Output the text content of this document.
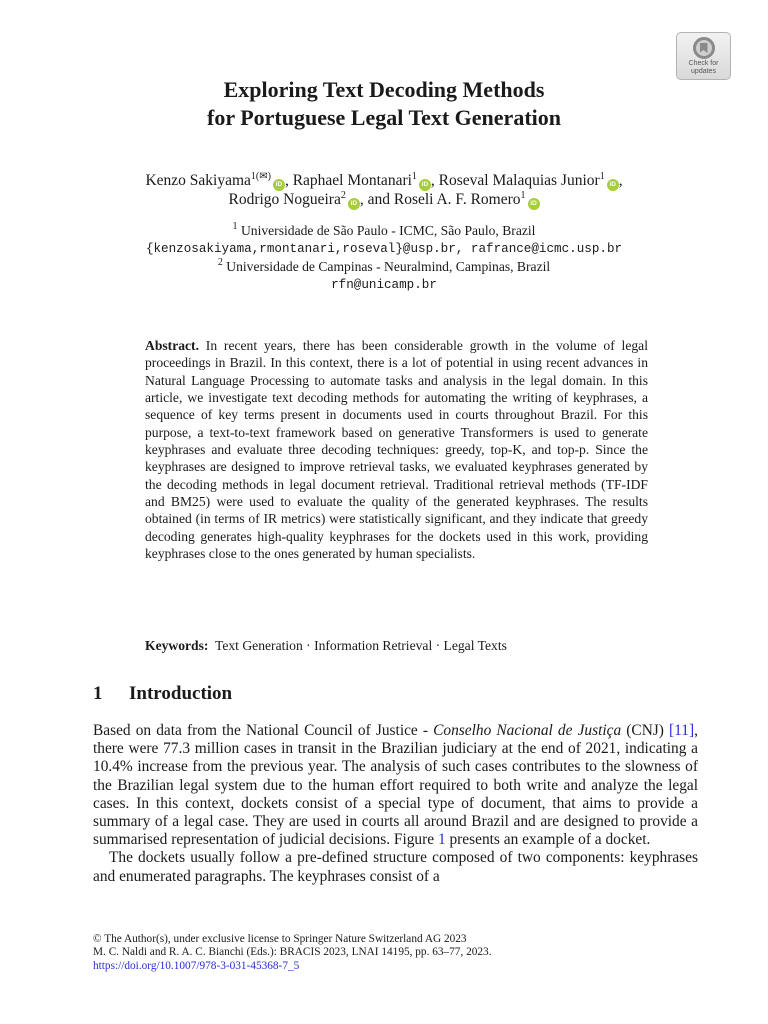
Check for
updates
Exploring Text Decoding Methods
for Portuguese Legal Text Generation
Kenzo Sakiyama$^{1(✉)}$iD , Raphael Montanari$^1$iD , Roseval Malaquias Junior$^1$iD ,
Rodrigo Nogueira$^2$iD , and Roseli A. F. Romero$^1$iD
$^1$ Universidade de São Paulo - ICMC, São Paulo, Brazil
{kenzosakiyama,rmontanari,roseval}@usp.br, rafrance@icmc.usp.br
$^2$ Universidade de Campinas - Neuralmind, Campinas, Brazil
rfn@unicamp.br
Abstract. In recent years, there has been considerable growth in the volume of legal proceedings in Brazil. In this context, there is a lot of potential in using recent advances in Natural Language Processing to automate tasks and analysis in the legal domain. In this article, we investigate text decoding methods for automating the writing of keyphrases, a sequence of key terms present in documents used in courts throughout Brazil. For this purpose, a text-to-text framework based on generative Transformers is used to generate keyphrases and evaluate three decoding techniques: greedy, top-K, and top-p. Since the keyphrases are designed to improve retrieval tasks, we evaluated keyphrases generated by the decoding methods in legal document retrieval. Traditional retrieval methods (TF-IDF and BM25) were used to evaluate the quality of the generated keyphrases. The results obtained (in terms of IR metrics) were statistically significant, and they indicate that greedy decoding generates high-quality keyphrases for the dockets used in this work, providing keyphrases close to the ones generated by human specialists.
Keywords: Text Generation · Information Retrieval · Legal Texts
1 Introduction

Based on data from the National Council of Justice - Conselho Nacional de Justiça (CNJ) [11], there were 77.3 million cases in transit in the Brazilian judiciary at the end of 2021, indicating a 10.4% increase from the previous year. The analysis of such cases contributes to the slowness of the Brazilian legal system due to the human effort required to both write and analyze the legal cases. In this context, dockets consist of a special type of document, that aims to provide a summary of a legal case. They are used in courts all around Brazil and are designed to provide a summarised representation of judicial decisions. Figure 1 presents an example of a docket.

The dockets usually follow a pre-defined structure composed of two components: keyphrases and enumerated paragraphs. The keyphrases consist of a

© The Author(s), under exclusive license to Springer Nature Switzerland AG 2023
M. C. Naldi and R. A. C. Bianchi (Eds.): BRACIS 2023, LNAI 14195, pp. 63–77, 2023.
https://doi.org/10.1007/978-3-031-45368-7_5
